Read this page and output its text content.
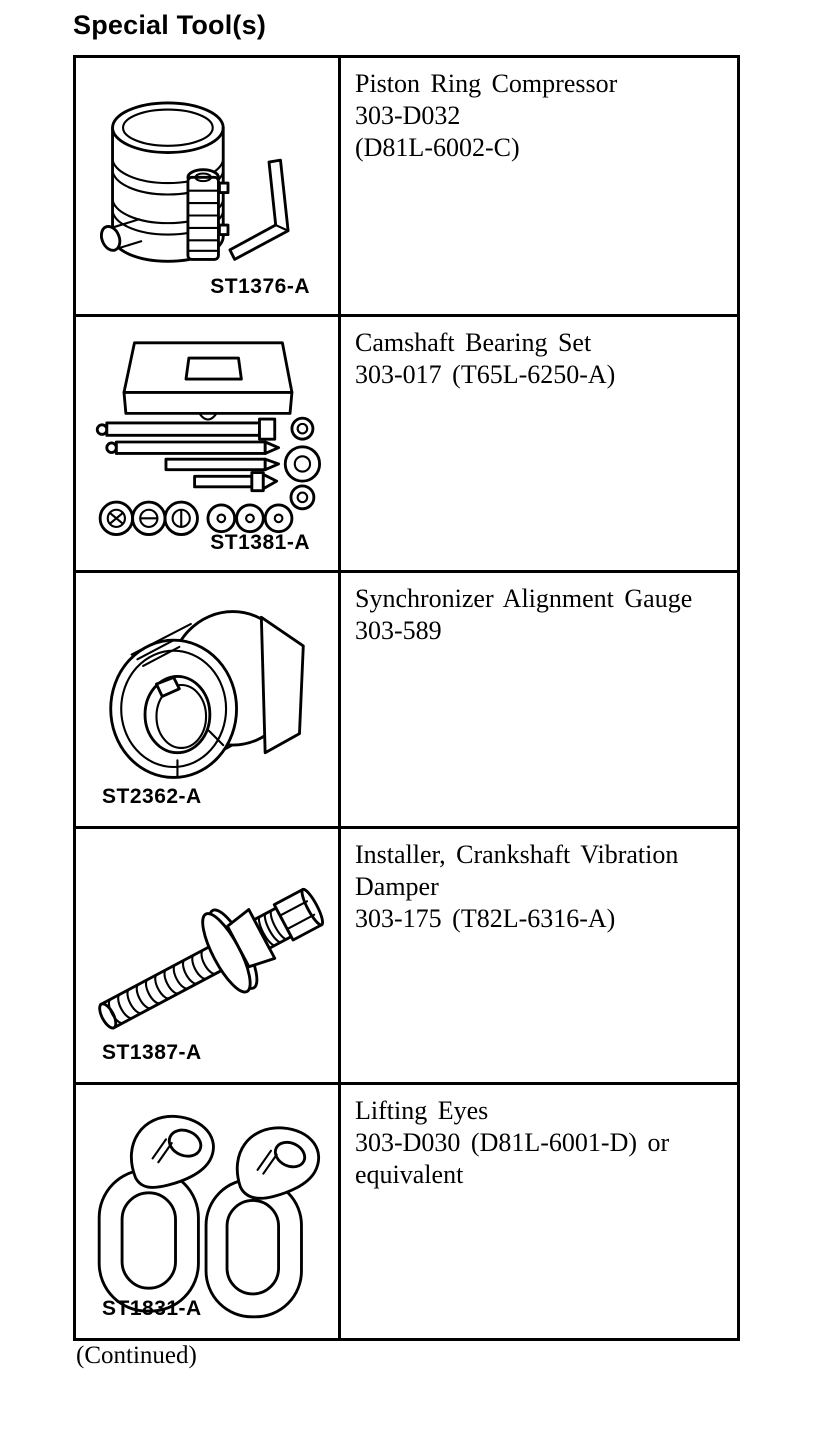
Special Tool(s)
ST1376-A
Piston Ring Compressor
303-D032
(D81L-6002-C)
ST1381-A
Camshaft Bearing Set
303-017 (T65L-6250-A)
ST2362-A
Synchronizer Alignment Gauge
303-589
ST1387-A
Installer, Crankshaft Vibration
Damper
303-175 (T82L-6316-A)
ST1831-A
Lifting Eyes
303-D030 (D81L-6001-D) or
equivalent
(Continued)
